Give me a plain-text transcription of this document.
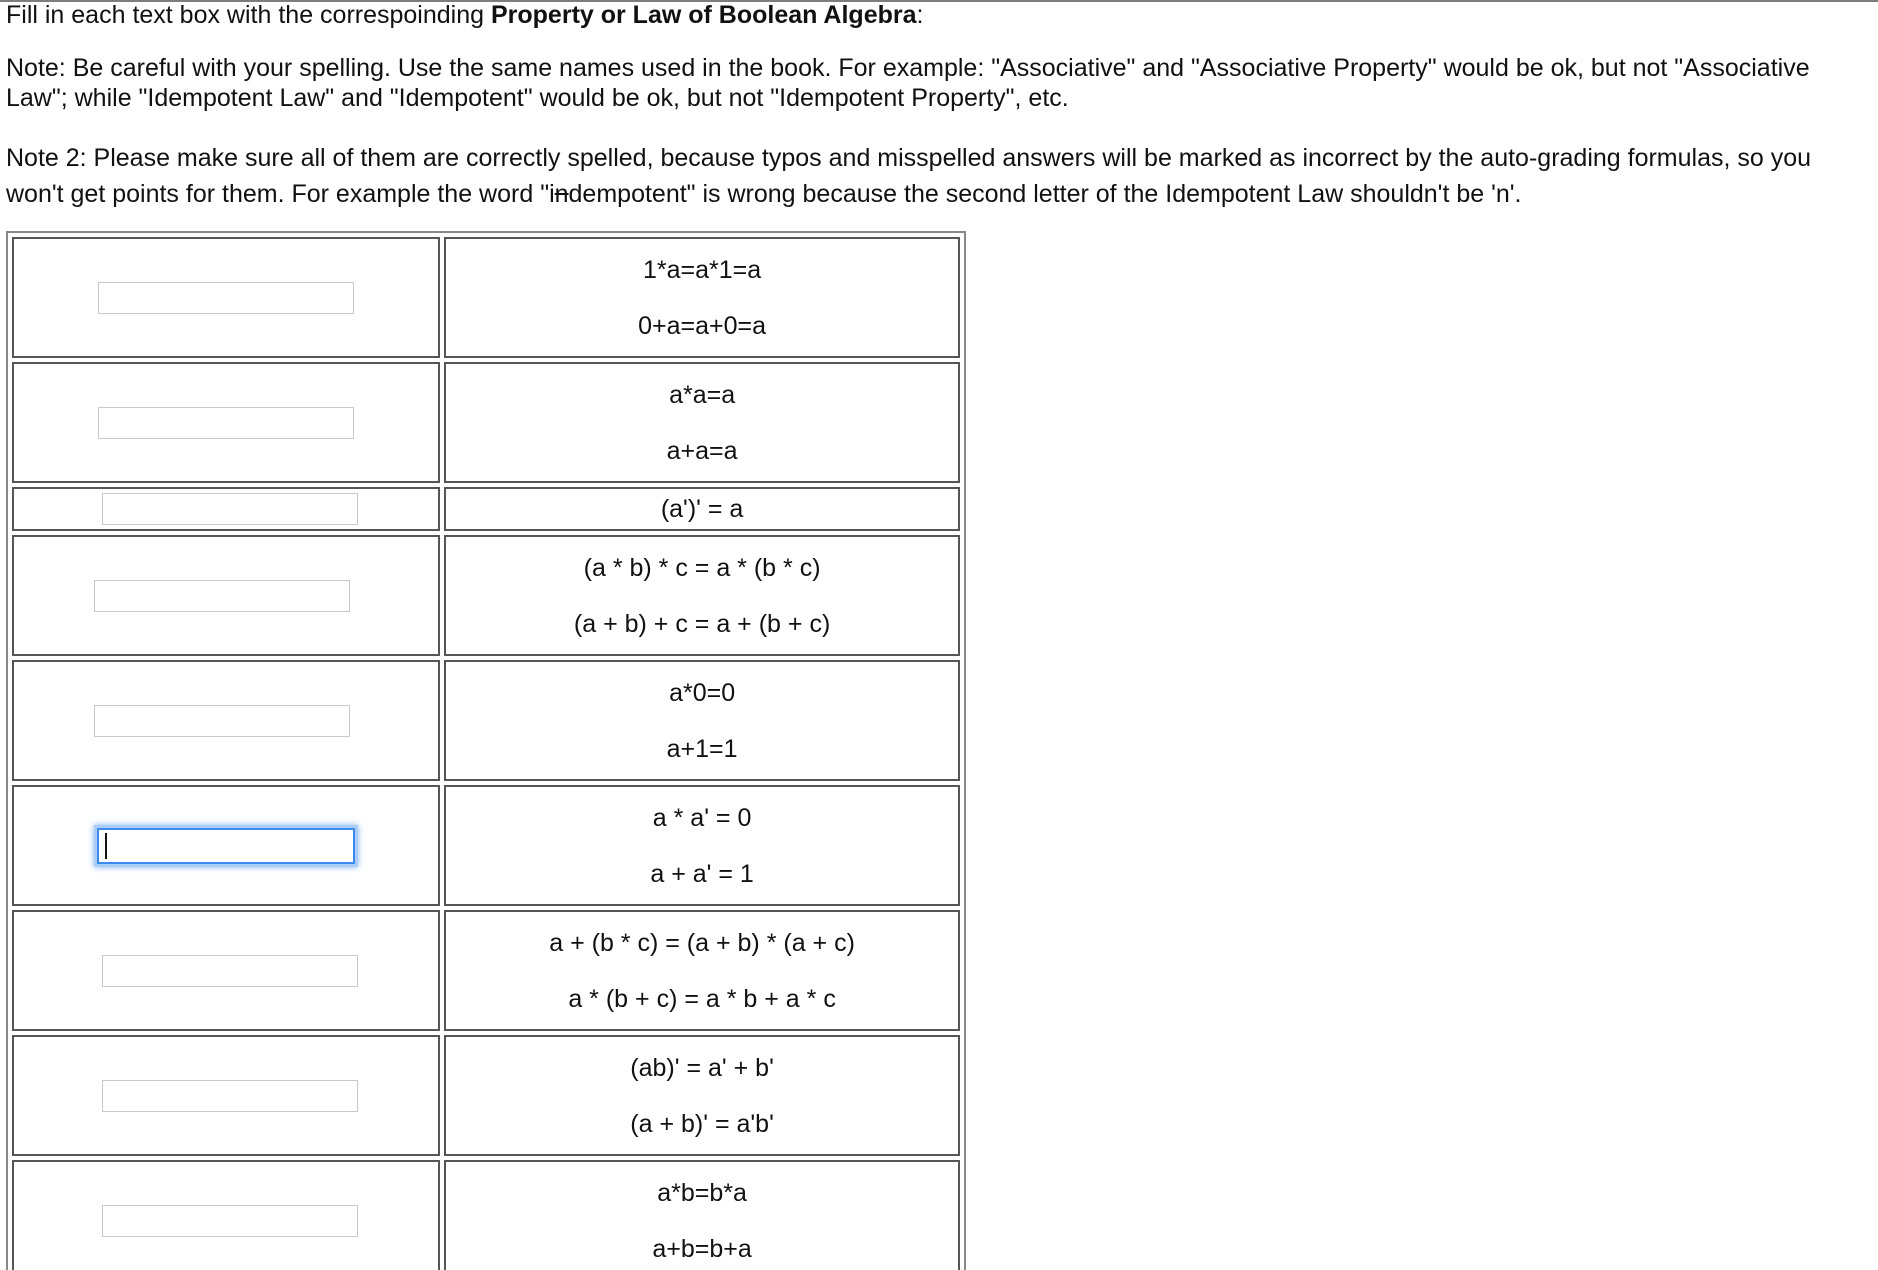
Fill in each text box with the correspoinding Property or Law of Boolean Algebra:

Note: Be careful with your spelling. Use the same names used in the book. For example: "Associative" and "Associative Property" would be ok, but not "Associative Law"; while "Idempotent Law" and "Idempotent" would be ok, but not "Idempotent Property", etc.

Note 2: Please make sure all of them are correctly spelled, because typos and misspelled answers will be marked as incorrect by the auto-grading formulas, so you won't get points for them. For example the word "indempotent" is wrong because the second letter of the Idempotent Law shouldn't be 'n'.

1*a=a*1=a
0+a=a+0=a

a*a=a
a+a=a

(a')' = a

(a * b) * c = a * (b * c)
(a + b) + c = a + (b + c)

a*0=0
a+1=1

a * a' = 0
a + a' = 1

a + (b * c) = (a + b) * (a + c)
a * (b + c) = a * b + a * c

(ab)' = a' + b'
(a + b)' = a'b'

a*b=b*a
a+b=b+a
